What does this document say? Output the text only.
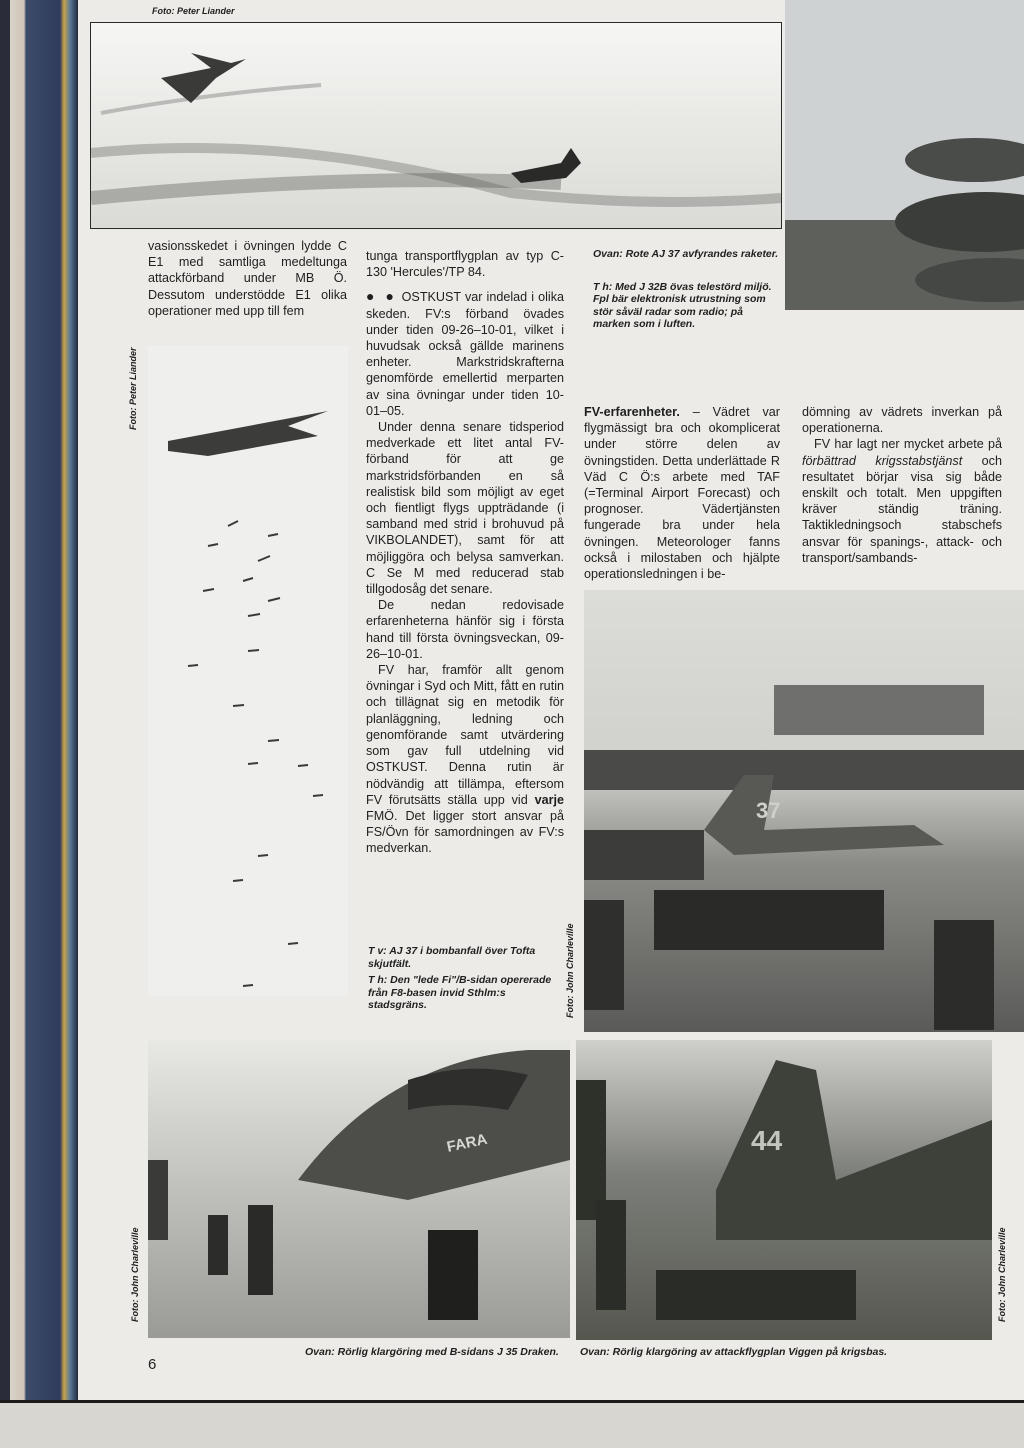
Foto: Peter Liander

vasionsskedet i övningen lydde C E1 med samtliga medeltunga attackförband under MB Ö. Dessutom understödde E1 olika operationer med upp till fem

Foto: Peter Liander

tunga transportflygplan av typ C-130 'Hercules'/TP 84.

● ● OSTKUST var indelad i olika skeden. FV:s förband övades under tiden 09-26–10-01, vilket i huvudsak också gällde marinens enheter. Markstridskrafterna genomförde emellertid merparten av sina övningar under tiden 10-01–05.

Under denna senare tidsperiod medverkade ett litet antal FV-förband för att ge markstridsförbanden en så realistisk bild som möjligt av eget och fientligt flygs uppträdande (i samband med strid i brohuvud på VIKBOLANDET), samt för att möjliggöra och belysa samverkan. C Se M med reducerad stab tillgodosåg det senare.

De nedan redovisade erfarenheterna hänför sig i första hand till första övningsveckan, 09-26–10-01.

FV har, framför allt genom övningar i Syd och Mitt, fått en rutin och tillägnat sig en metodik för planläggning, ledning och genomförande samt utvärdering som gav full utdelning vid OSTKUST. Denna rutin är nödvändig att tillämpa, eftersom FV förutsätts ställa upp vid varje FMÖ. Det ligger stort ansvar på FS/Övn för samordningen av FV:s medverkan.

Ovan: Rote AJ 37 avfyrandes raketer.
T h: Med J 32B övas telestörd miljö. Fpl bär elektronisk utrustning som stör såväl radar som radio; på marken som i luften.

FV-erfarenheter. – Vädret var flygmässigt bra och okomplicerat under större delen av övningstiden. Detta underlättade R Väd C Ö:s arbete med TAF (=Terminal Airport Forecast) och prognoser. Vädertjänsten fungerade bra under hela övningen. Meteorologer fanns också i milostaben och hjälpte operationsledningen i be-

dömning av vädrets inverkan på operationerna.

FV har lagt ner mycket arbete på förbättrad krigsstabstjänst och resultatet börjar visa sig både enskilt och totalt. Men uppgiften kräver ständig träning. Taktikledningsoch stabschefs ansvar för spanings-, attack- och transport/sambands-

37
Foto: John Charleville
T v: AJ 37 i bombanfall över Tofta skjutfält.
T h: Den "lede Fi"/B-sidan opererade från F8-basen invid Sthlm:s stadsgräns.
FARA
Foto: John Charleville
44
Foto: John Charleville
Ovan: Rörlig klargöring med B-sidans J 35 Draken.	Ovan: Rörlig klargöring av attackflygplan Viggen på krigsbas.
6
